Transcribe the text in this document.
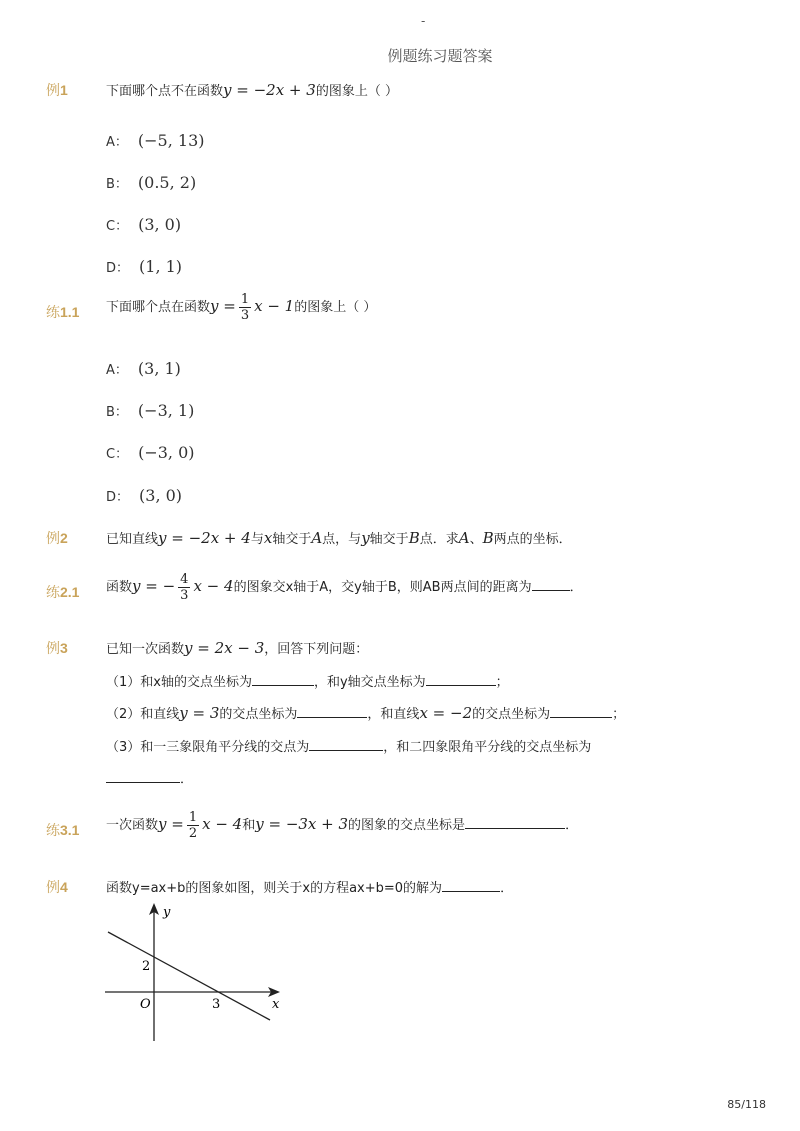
-
例题练习题答案
例1	下面哪个点不在函数y = −2x + 3的图象上（ ）
A： (−5, 13)
B： (0.5, 2)
C： (3, 0)
D： (1, 1)
练1.1 下面哪个点在函数$y = \frac{1}{3}$ x − 1的图象上（ ）
A： (3, 1)
B： (−3, 1)
C： (−3, 0)
D： (3, 0)
例2	已知直线y = −2x + 4与x轴交于A点，与y轴交于B点．求A、B两点的坐标．
练2.1 函数y = − $\frac{4}{3}$ x − 4的图象交x轴于A，交y轴于B，则AB两点间的距离为	．
例3	已知一次函数y = 2x − 3，回答下列问题：
（1）和x轴的交点坐标为	，和y轴交点坐标为	；
（2）和直线y = 3的交点坐标为	，和直线x = −2的交点坐标为	；
（3）和一三象限角平分线的交点为	，和二四象限角平分线的交点坐标为
．
练3.1 一次函数$y = \frac{1}{2}$ x − 4和y = −3x + 3的图象的交点坐标是	．
例4	函数y=ax+b的图象如图，则关于x的方程ax+b=0的解为	．
y
x
O
2
3
85/118
